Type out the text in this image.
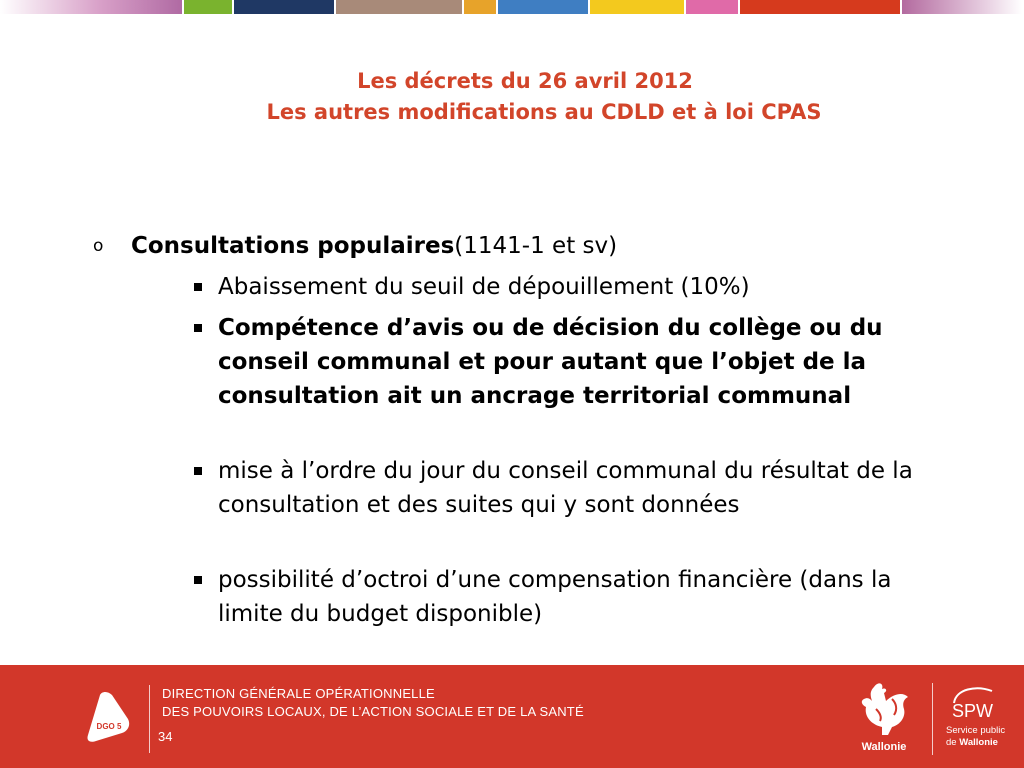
Les décrets du 26 avril 2012
Les autres modifications au CDLD et à loi CPAS
o Consultations populaires(1141-1 et sv)
Abaissement du seuil de dépouillement (10%)
Compétence d’avis ou de décision du collège ou du conseil communal et pour autant que l’objet de la consultation ait un ancrage territorial communal
mise à l’ordre du jour du conseil communal du résultat de la consultation et des suites qui y sont données
possibilité d’octroi d’une compensation financière (dans la limite du budget disponible)
DGO 5
DIRECTION GÉNÉRALE OPÉRATIONNELLE
DES POUVOIRS LOCAUX, DE L’ACTION SOCIALE ET DE LA SANTÉ
34
Wallonie
SPW
Service public
de Wallonie
